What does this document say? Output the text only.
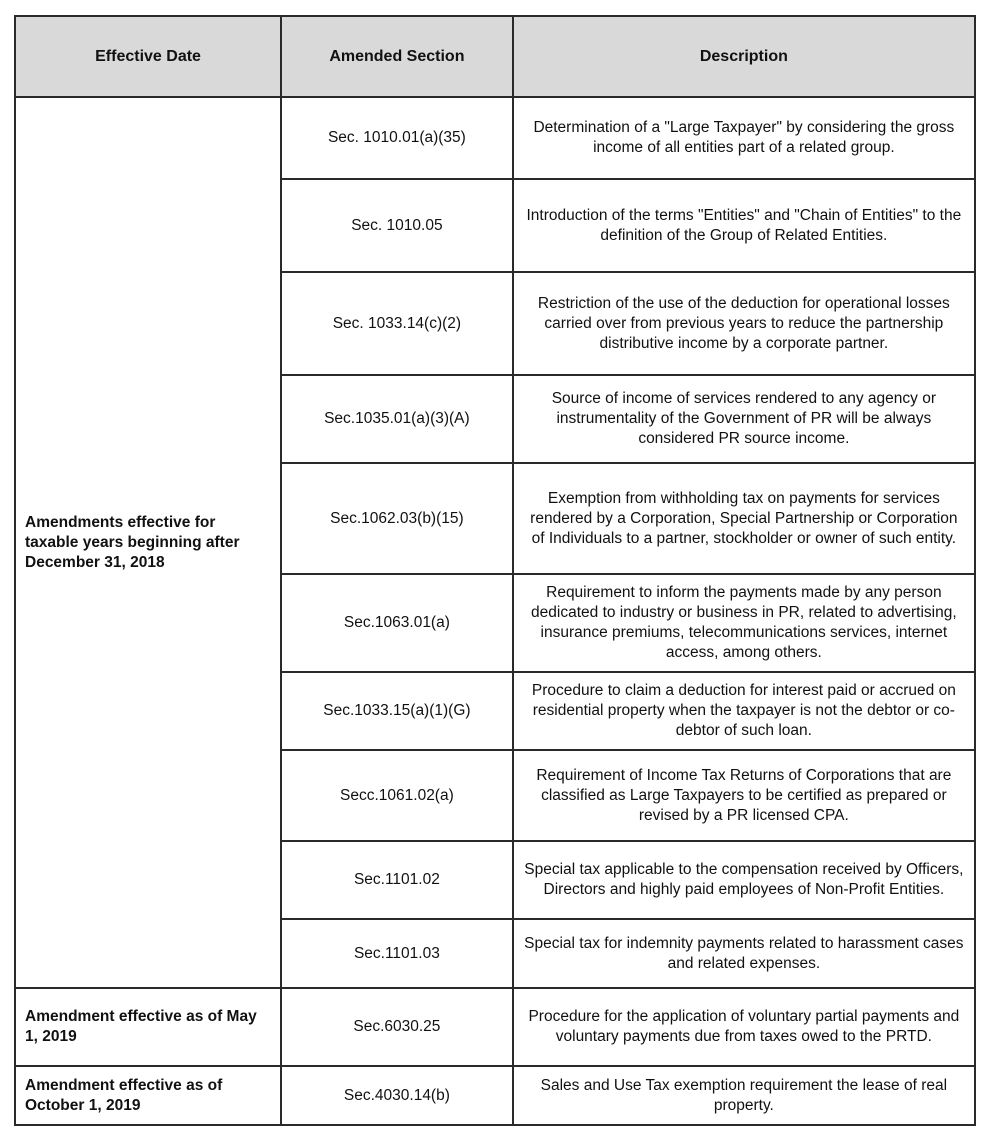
Effective Date	Amended Section	Description
Amendments effective for taxable years beginning after December 31, 2018	Sec. 1010.01(a)(35)	Determination of a "Large Taxpayer" by considering the gross income of all entities part of a related group.
	Sec. 1010.05	Introduction of the terms "Entities" and "Chain of Entities" to the definition of the Group of Related Entities.
	Sec. 1033.14(c)(2)	Restriction of the use of the deduction for operational losses carried over from previous years to reduce the partnership distributive income by a corporate partner.
	Sec.1035.01(a)(3)(A)	Source of income of services rendered to any agency or instrumentality of the Government of PR will be always considered PR source income.
	Sec.1062.03(b)(15)	Exemption from withholding tax on payments for services rendered by a Corporation, Special Partnership or Corporation of Individuals to a partner, stockholder or owner of such entity.
	Sec.1063.01(a)	Requirement to inform the payments made by any person dedicated to industry or business in PR, related to advertising, insurance premiums, telecommunications services, internet access, among others.
	Sec.1033.15(a)(1)(G)	Procedure to claim a deduction for interest paid or accrued on residential property when the taxpayer is not the debtor or co-debtor of such loan.
	Secc.1061.02(a)	Requirement of Income Tax Returns of Corporations that are classified as Large Taxpayers to be certified as prepared or revised by a PR licensed CPA.
	Sec.1101.02	Special tax applicable to the compensation received by Officers, Directors and highly paid employees of Non-Profit Entities.
	Sec.1101.03	Special tax for indemnity payments related to harassment cases and related expenses.
Amendment effective as of May 1, 2019	Sec.6030.25	Procedure for the application of voluntary partial payments and voluntary payments due from taxes owed to the PRTD.
Amendment effective as of October 1, 2019	Sec.4030.14(b)	Sales and Use Tax exemption requirement the lease of real property.
